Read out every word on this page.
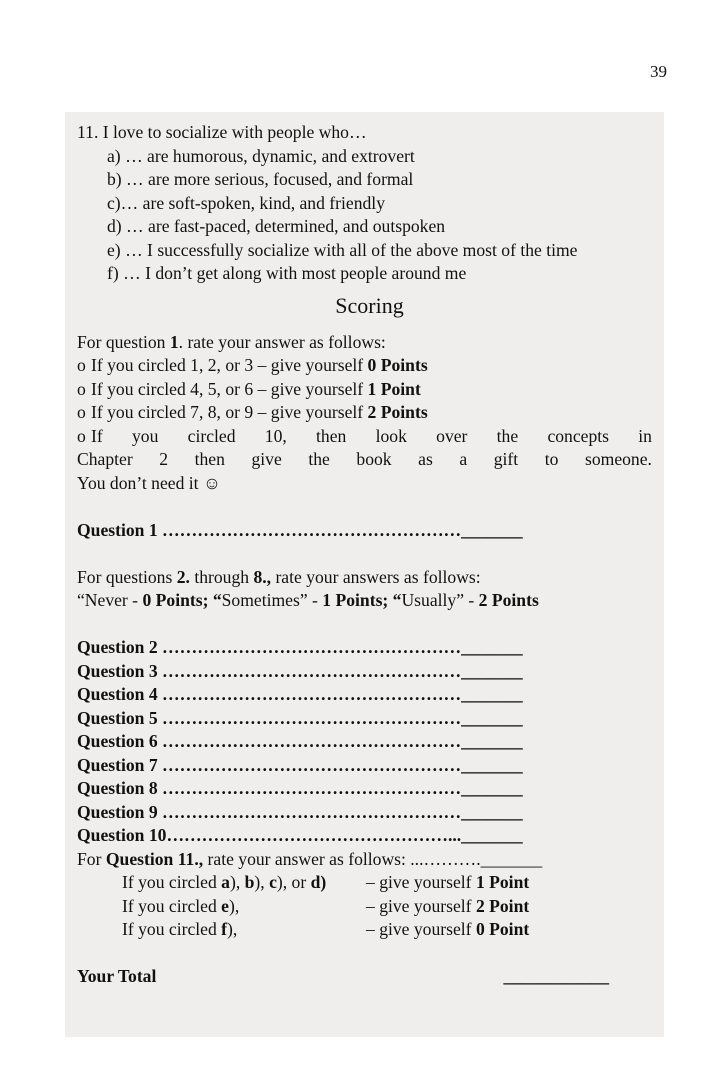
39
11. I love to socialize with people who…
a) … are humorous, dynamic, and extrovert
b) … are more serious, focused, and formal
c)… are soft-spoken, kind, and friendly
d) … are fast-paced, determined, and outspoken
e) … I successfully socialize with all of the above most of the time
f) … I don’t get along with most people around me
Scoring
For question 1. rate your answer as follows:
o If you circled 1, 2, or 3 – give yourself 0 Points
o If you circled 4, 5, or 6 – give yourself 1 Point
o If you circled 7, 8, or 9 – give yourself 2 Points
o If you circled 10, then look over the concepts in
Chapter 2 then give the book as a gift to someone.
You don’t need it ☺
Question 1 ……………………………………………_______
For questions 2. through 8., rate your answers as follows:
“Never - 0 Points; “Sometimes” - 1 Points; “Usually” - 2 Points
Question 2 ……………………………………………_______
Question 3 ……………………………………………_______
Question 4 ……………………………………………_______
Question 5 ……………………………………………_______
Question 6 ……………………………………………_______
Question 7 ……………………………………………_______
Question 8 ……………………………………………_______
Question 9 ……………………………………………_______
Question 10…………………………………………..._______
For Question 11., rate your answer as follows: ...………._______
If you circled a), b), c), or d) – give yourself 1 Point
If you circled e),	– give yourself 2 Point
If you circled f),	– give yourself 0 Point
Your Total	____________
